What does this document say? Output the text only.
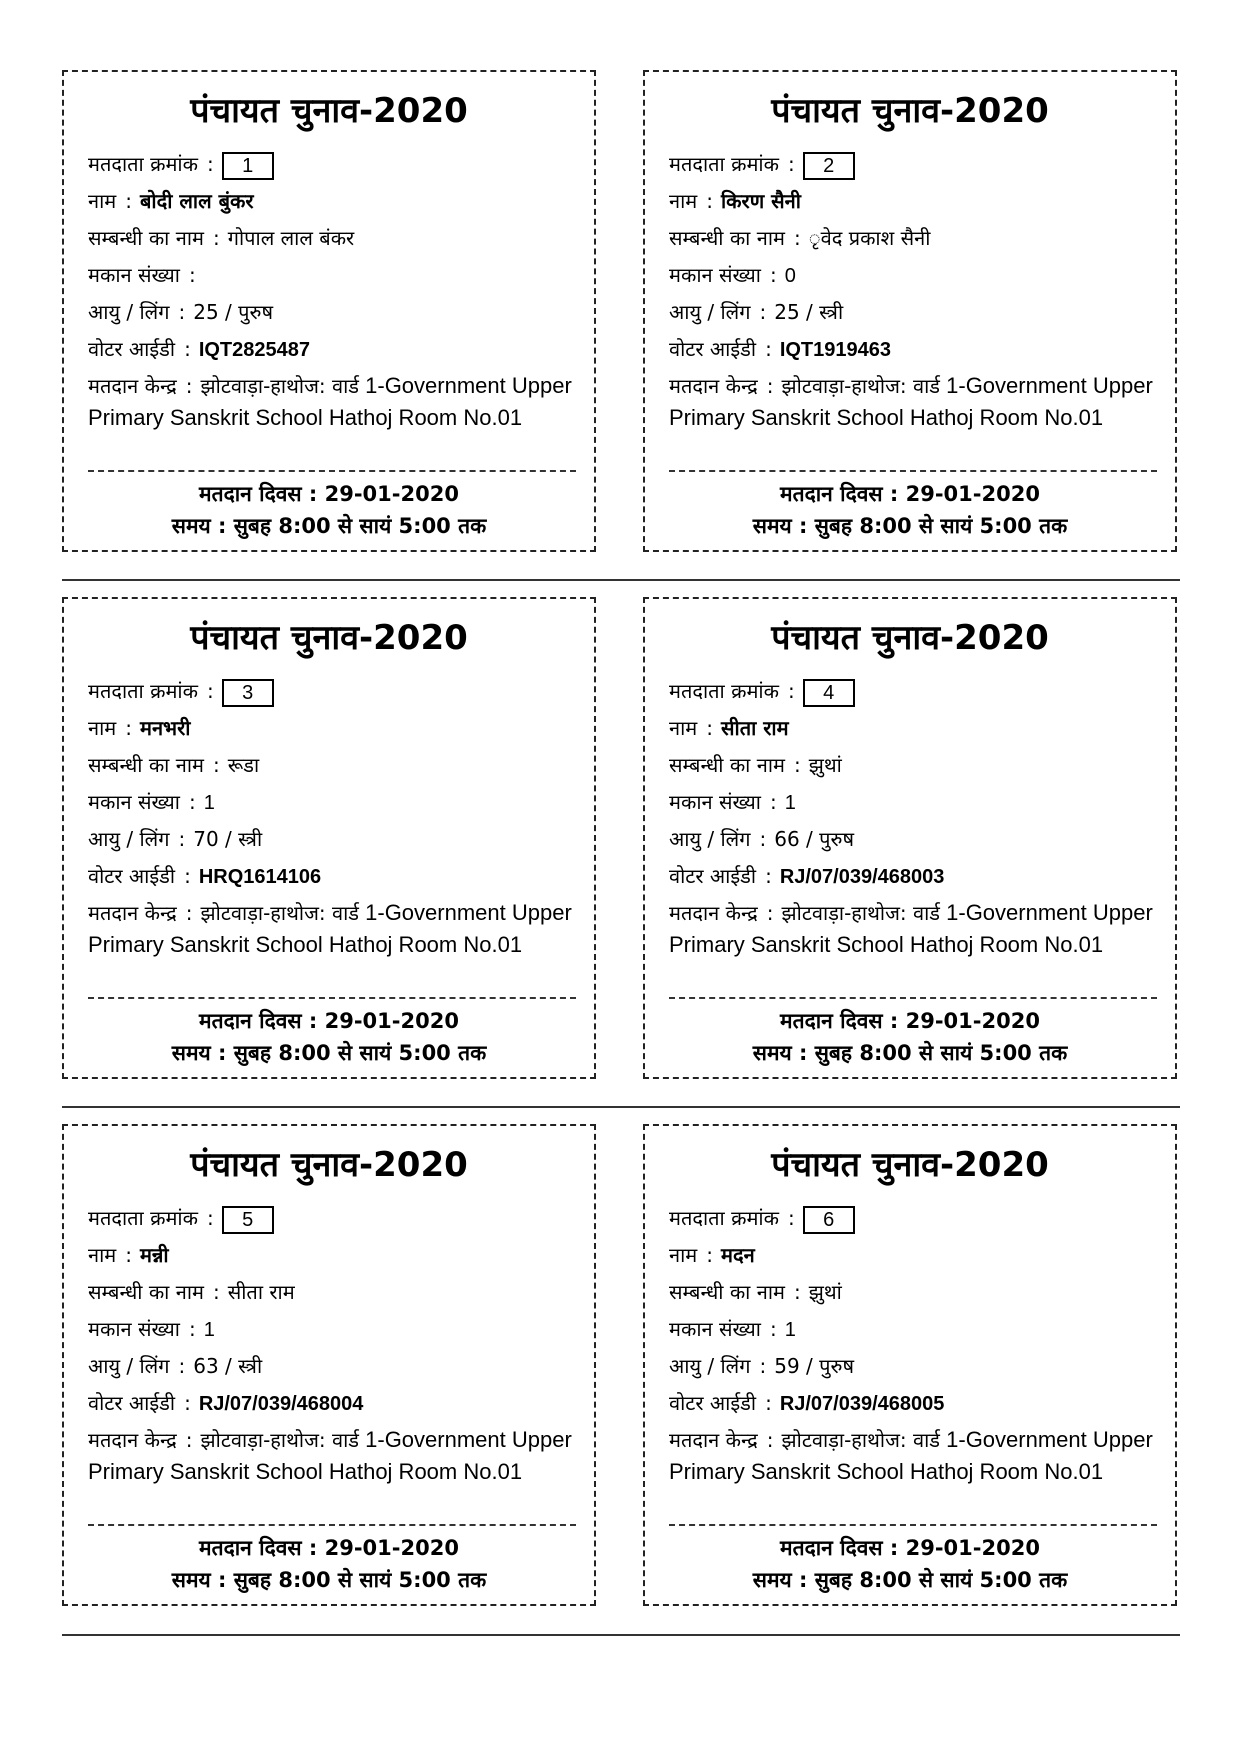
पंचायत चुनाव-2020
मतदाता क्रमांक : 1
नाम : बोदी लाल बुंकर
सम्बन्धी का नाम : गोपाल लाल बंकर
मकान संख्या :
आयु / लिंग : 25 / पुरुष
वोटर आईडी : IQT2825487
मतदान केन्द्र : झोटवाड़ा-हाथोज: वार्ड 1-Government Upper Primary Sanskrit School Hathoj Room No.01
मतदान दिवस : 29-01-2020
समय : सुबह 8:00 से सायं 5:00 तक
पंचायत चुनाव-2020
मतदाता क्रमांक : 2
नाम : किरण सैनी
सम्बन्धी का नाम : ृवेद प्रकाश सैनी
मकान संख्या : 0
आयु / लिंग : 25 / स्त्री
वोटर आईडी : IQT1919463
मतदान केन्द्र : झोटवाड़ा-हाथोज: वार्ड 1-Government Upper Primary Sanskrit School Hathoj Room No.01
मतदान दिवस : 29-01-2020
समय : सुबह 8:00 से सायं 5:00 तक
पंचायत चुनाव-2020
मतदाता क्रमांक : 3
नाम : मनभरी
सम्बन्धी का नाम : रूडा
मकान संख्या : 1
आयु / लिंग : 70 / स्त्री
वोटर आईडी : HRQ1614106
मतदान केन्द्र : झोटवाड़ा-हाथोज: वार्ड 1-Government Upper Primary Sanskrit School Hathoj Room No.01
मतदान दिवस : 29-01-2020
समय : सुबह 8:00 से सायं 5:00 तक
पंचायत चुनाव-2020
मतदाता क्रमांक : 4
नाम : सीता राम
सम्बन्धी का नाम : झुथां
मकान संख्या : 1
आयु / लिंग : 66 / पुरुष
वोटर आईडी : RJ/07/039/468003
मतदान केन्द्र : झोटवाड़ा-हाथोज: वार्ड 1-Government Upper Primary Sanskrit School Hathoj Room No.01
मतदान दिवस : 29-01-2020
समय : सुबह 8:00 से सायं 5:00 तक
पंचायत चुनाव-2020
मतदाता क्रमांक : 5
नाम : मन्नी
सम्बन्धी का नाम : सीता राम
मकान संख्या : 1
आयु / लिंग : 63 / स्त्री
वोटर आईडी : RJ/07/039/468004
मतदान केन्द्र : झोटवाड़ा-हाथोज: वार्ड 1-Government Upper Primary Sanskrit School Hathoj Room No.01
मतदान दिवस : 29-01-2020
समय : सुबह 8:00 से सायं 5:00 तक
पंचायत चुनाव-2020
मतदाता क्रमांक : 6
नाम : मदन
सम्बन्धी का नाम : झुथां
मकान संख्या : 1
आयु / लिंग : 59 / पुरुष
वोटर आईडी : RJ/07/039/468005
मतदान केन्द्र : झोटवाड़ा-हाथोज: वार्ड 1-Government Upper Primary Sanskrit School Hathoj Room No.01
मतदान दिवस : 29-01-2020
समय : सुबह 8:00 से सायं 5:00 तक
